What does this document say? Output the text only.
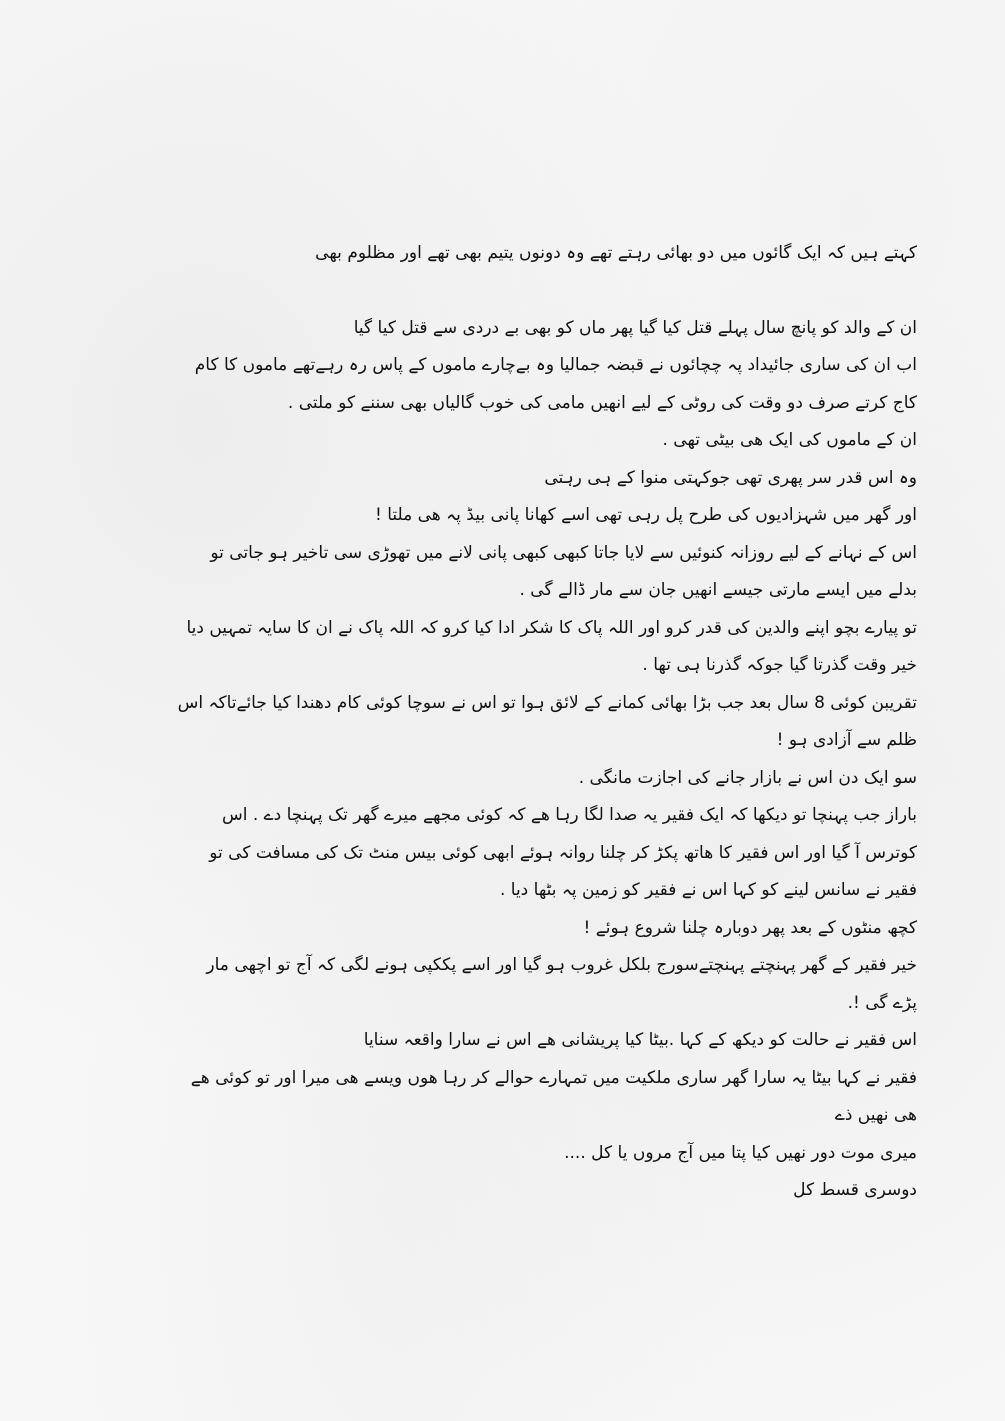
کہتے ہیں کہ ایک گائوں میں دو بھائی رہتے تھے وہ دونوں یتیم بھی تھے اور مظلوم بھی
ان کے والد کو پانچ سال پہلے قتل کیا گیا پھر ماں کو بھی بے دردی سے قتل کیا گیا
اب ان کی ساری جائیداد پہ چچائوں نے قبضہ جمالیا وہ بےچارے ماموں کے پاس رہ رہےتھے ماموں کا کام
کاج کرتے صرف دو وقت کی روٹی کے لیے انھیں مامی کی خوب گالیاں بھی سننے کو ملتی .
ان کے ماموں کی ایک ھی بیٹی تھی .
وہ اس قدر سر پھری تھی جوکہتی منوا کے ہی رہتی
اور گھر میں شہزادیوں کی طرح پل رہی تھی اسے کھانا پانی بیڈ پہ ھی ملتا !
اس کے نہانے کے لیے روزانہ کنوئیں سے لایا جاتا کبھی کبھی پانی لانے میں تھوڑی سی تاخیر ہو جاتی تو
بدلے میں ایسے مارتی جیسے انھیں جان سے مار ڈالے گی .
تو پیارے بچو اپنے والدین کی قدر کرو اور اللہ پاک کا شکر ادا کیا کرو کہ اللہ پاک نے ان کا سایہ تمہیں دیا
خیر وقت گذرتا گیا جوکہ گذرنا ہی تھا .
تقریبن کوئی 8 سال بعد جب بڑا بھائی کمانے کے لائق ہوا تو اس نے سوچا کوئی کام دھندا کیا جائےتاکہ اس
ظلم سے آزادی ہو !
سو ایک دن اس نے بازار جانے کی اجازت مانگی .
باراز جب پہنچا تو دیکھا کہ ایک فقیر یہ صدا لگا رہا ھے کہ کوئی مجھے میرے گھر تک پہنچا دے . اس
کوترس آ گیا اور اس فقیر کا ھاتھ پکڑ کر چلنا روانہ ہوئے ابھی کوئی بیس منٹ تک کی مسافت کی تو
فقیر نے سانس لینے کو کہا اس نے فقیر کو زمین پہ بٹھا دیا .
کچھ منٹوں کے بعد پھر دوبارہ چلنا شروع ہوئے !
خیر فقیر کے گھر پہنچتے پہنچتےسورج بلکل غروب ہو گیا اور اسے پککپی ہونے لگی کہ آج تو اچھی مار
پڑے گی !.
اس فقیر نے حالت کو دیکھ کے کہا .بیٹا کیا پریشانی ھے اس نے سارا واقعہ سنایا
فقیر نے کہا بیٹا یہ سارا گھر ساری ملکیت میں تمہارے حوالے کر رہا ھوں ویسے ھی میرا اور تو کوئی ھے
ھی نھیں ذے
میری موت دور نھیں کیا پتا میں آج مروں یا کل ....
دوسری قسط کل
